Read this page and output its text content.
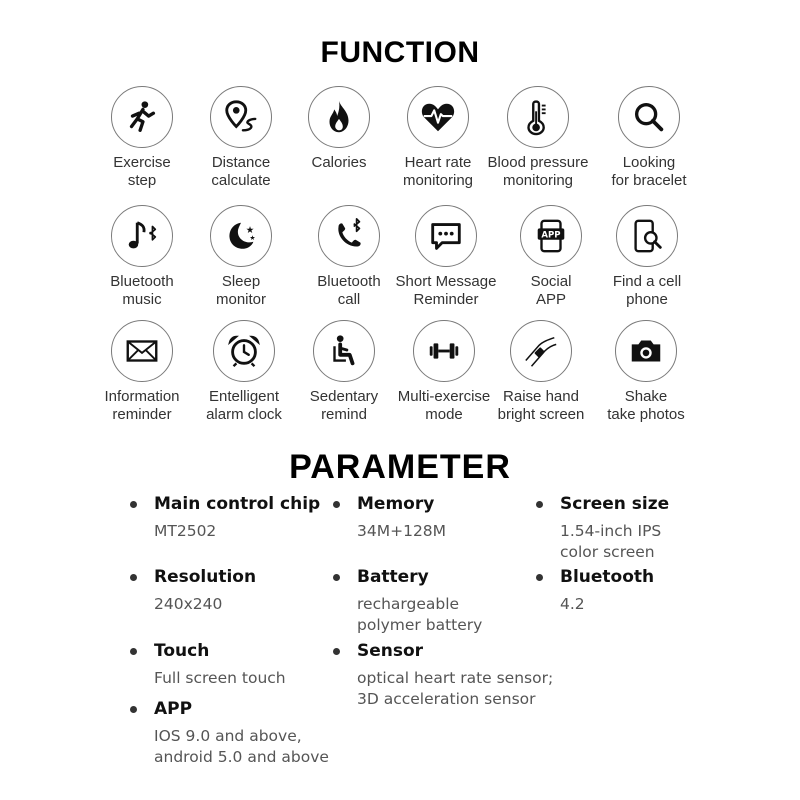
FUNCTION
Exercise
step
Distance
calculate
Calories	Heart rate
monitoring
Blood pressure
monitoring
Looking
for bracelet
Bluetooth
music
★
★
Sleep
monitor
Bluetooth
call
Short Message
Reminder
APP
Social
APP
Find a cell
phone
Information
reminder
Entelligent
alarm clock
Sedentary
remind
Multi-exercise
mode
Raise hand
bright screen
Shake
take photos
PARAMETER
Main control chip
MT2502
Memory
34M+128M
Screen size
1.54-inch IPS
color screen
Resolution
240x240
Battery
rechargeable
polymer battery
Bluetooth
4.2
Touch
Full screen touch
Sensor
optical heart rate sensor;
3D acceleration sensor
APP
IOS 9.0 and above,
android 5.0 and above
